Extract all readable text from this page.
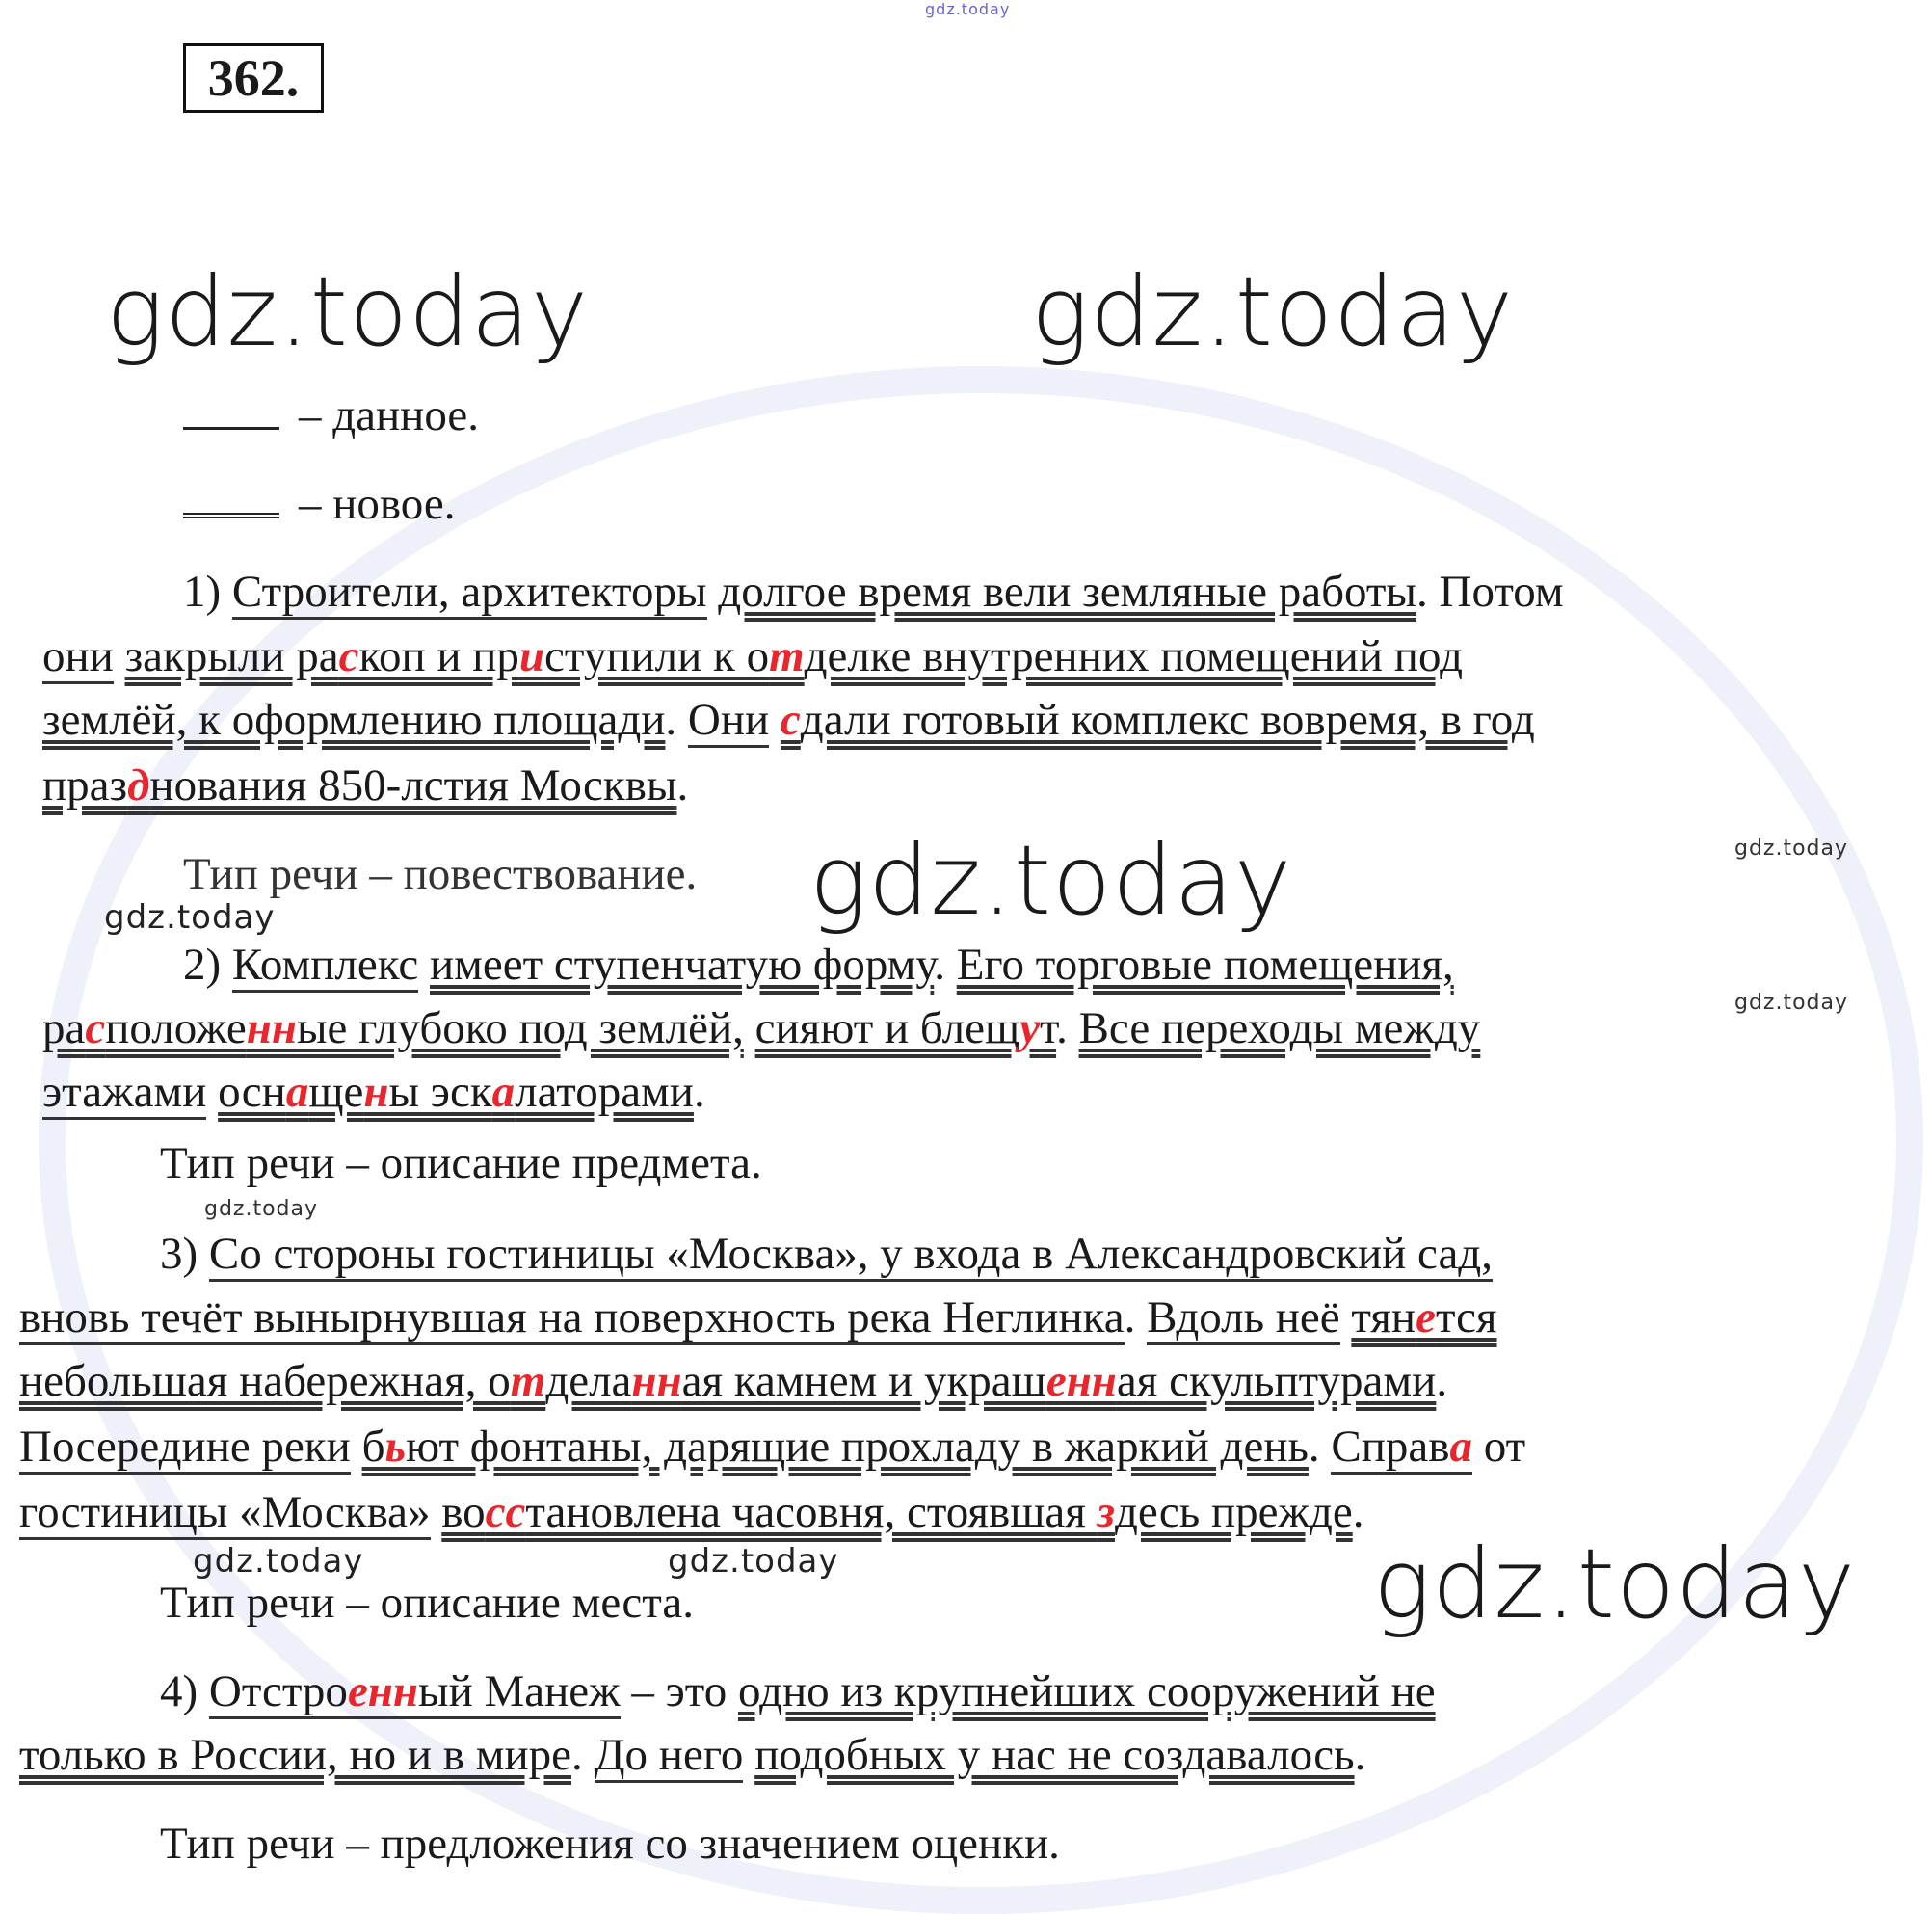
gdz.today
362.
gdz.today	gdz.today
gdz.today
gdz.today
gdz.today
gdz.today	gdz.today
gdz.today
gdz.today
gdz.today
– данное.
– новое.
1) Строители, архитекторы долгое время вели земляные работы. Потом
они закрыли раскоп и приступили к отделке внутренних помещений под
землёй, к оформлению площади. Они сдали готовый комплекс вовремя, в год
празднования 850-лстия Москвы.
Тип речи – повествование.
2) Комплекс имеет ступенчатую форму. Его торговые помещения,
расположенные глубоко под землёй, сияют и блещут. Все переходы между
этажами оснащены эскалаторами.
Тип речи – описание предмета.
3) Со стороны гостиницы «Москва», у входа в Александровский сад,
вновь течёт вынырнувшая на поверхность река Неглинка. Вдоль неё тянется
небольшая набережная, отделанная камнем и украшенная скульптурами.
Посередине реки бьют фонтаны, дарящие прохладу в жаркий день. Справа от
гостиницы «Москва» восстановлена часовня, стоявшая здесь прежде.
Тип речи – описание места.
4) Отстроенный Манеж – это одно из крупнейших сооружений не
только в России, но и в мире. До него подобных у нас не создавалось.
Тип речи – предложения со значением оценки.
